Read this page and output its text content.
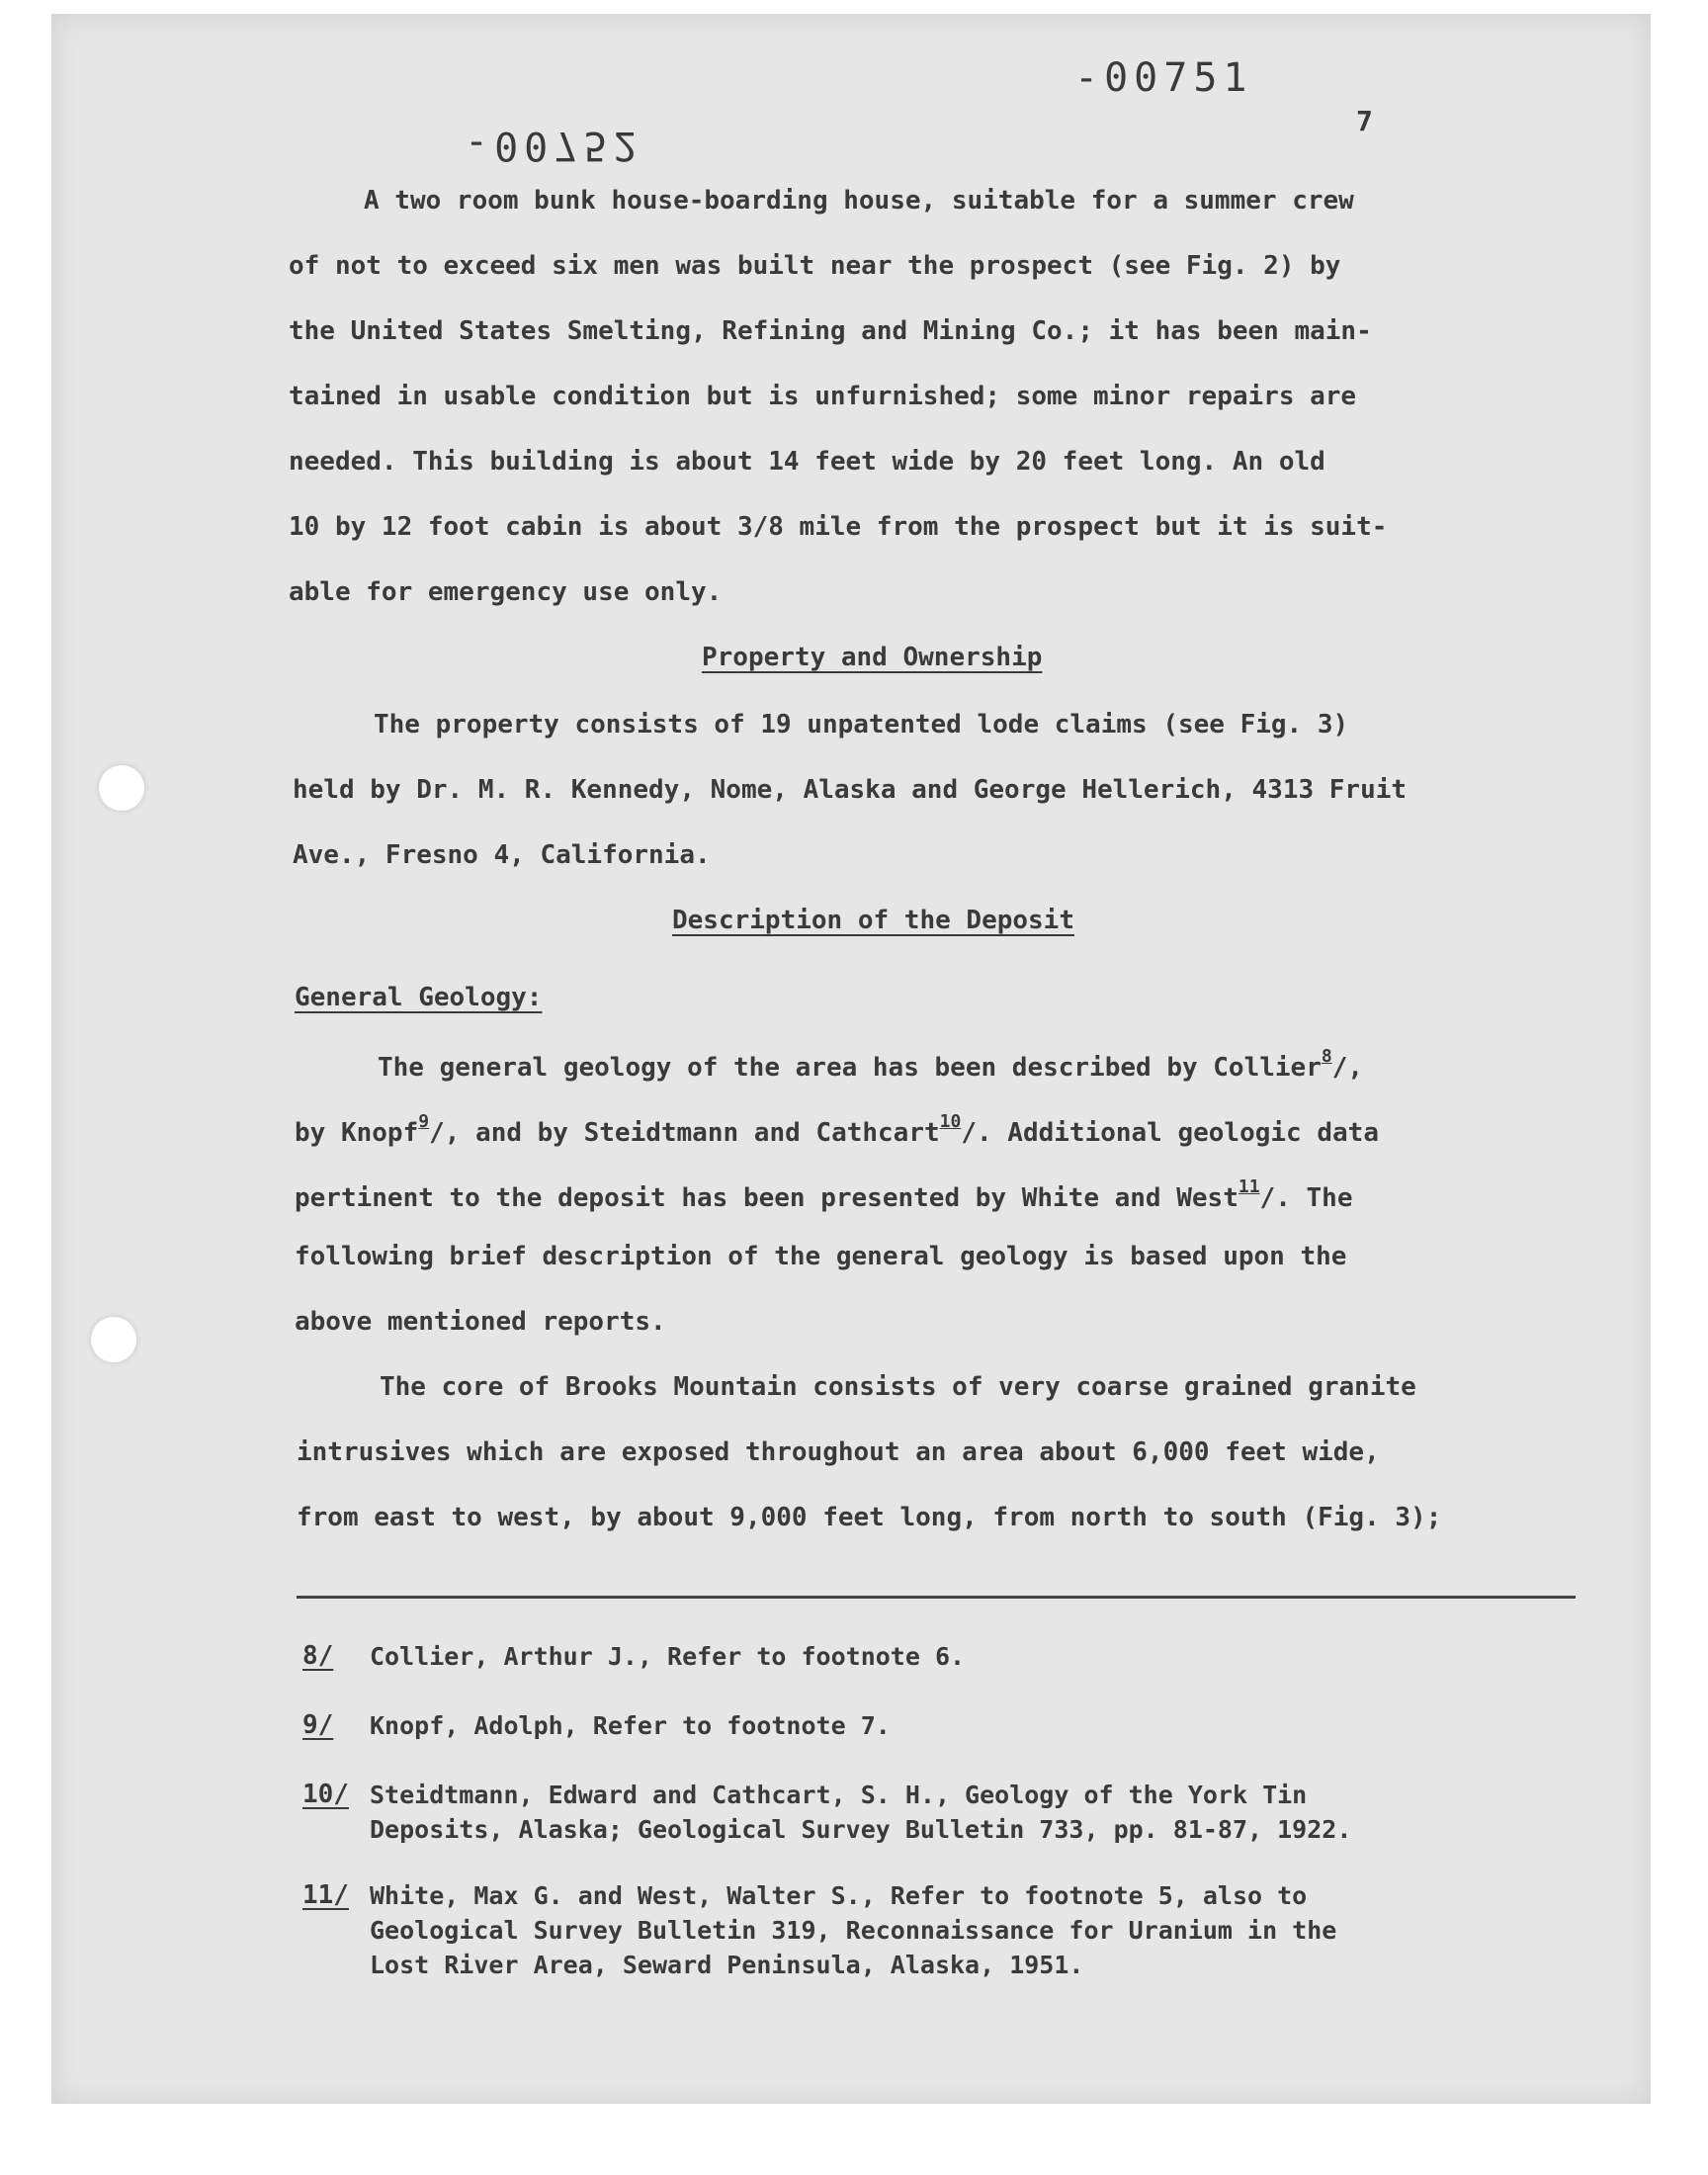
-00751
-00752
7
A two room bunk house-boarding house, suitable for a summer crew
of not to exceed six men was built near the prospect (see Fig. 2) by
the United States Smelting, Refining and Mining Co.; it has been main-
tained in usable condition but is unfurnished; some minor repairs are
needed. This building is about 14 feet wide by 20 feet long. An old
10 by 12 foot cabin is about 3/8 mile from the prospect but it is suit-
able for emergency use only.
Property and Ownership
The property consists of 19 unpatented lode claims (see Fig. 3)
held by Dr. M. R. Kennedy, Nome, Alaska and George Hellerich, 4313 Fruit
Ave., Fresno 4, California.
Description of the Deposit
General Geology:
The general geology of the area has been described by Collier$^8$/,
by Knopf$^9$/, and by Steidtmann and Cathcart$^{10}$/. Additional geologic data
pertinent to the deposit has been presented by White and West$^{11}$/. The
following brief description of the general geology is based upon the
above mentioned reports.
The core of Brooks Mountain consists of very coarse grained granite
intrusives which are exposed throughout an area about 6,000 feet wide,
from east to west, by about 9,000 feet long, from north to south (Fig. 3);
8/ Collier, Arthur J., Refer to footnote 6.
9/ Knopf, Adolph, Refer to footnote 7.
10/ Steidtmann, Edward and Cathcart, S. H., Geology of the York Tin
Deposits, Alaska; Geological Survey Bulletin 733, pp. 81-87, 1922.
11/ White, Max G. and West, Walter S., Refer to footnote 5, also to
Geological Survey Bulletin 319, Reconnaissance for Uranium in the
Lost River Area, Seward Peninsula, Alaska, 1951.
